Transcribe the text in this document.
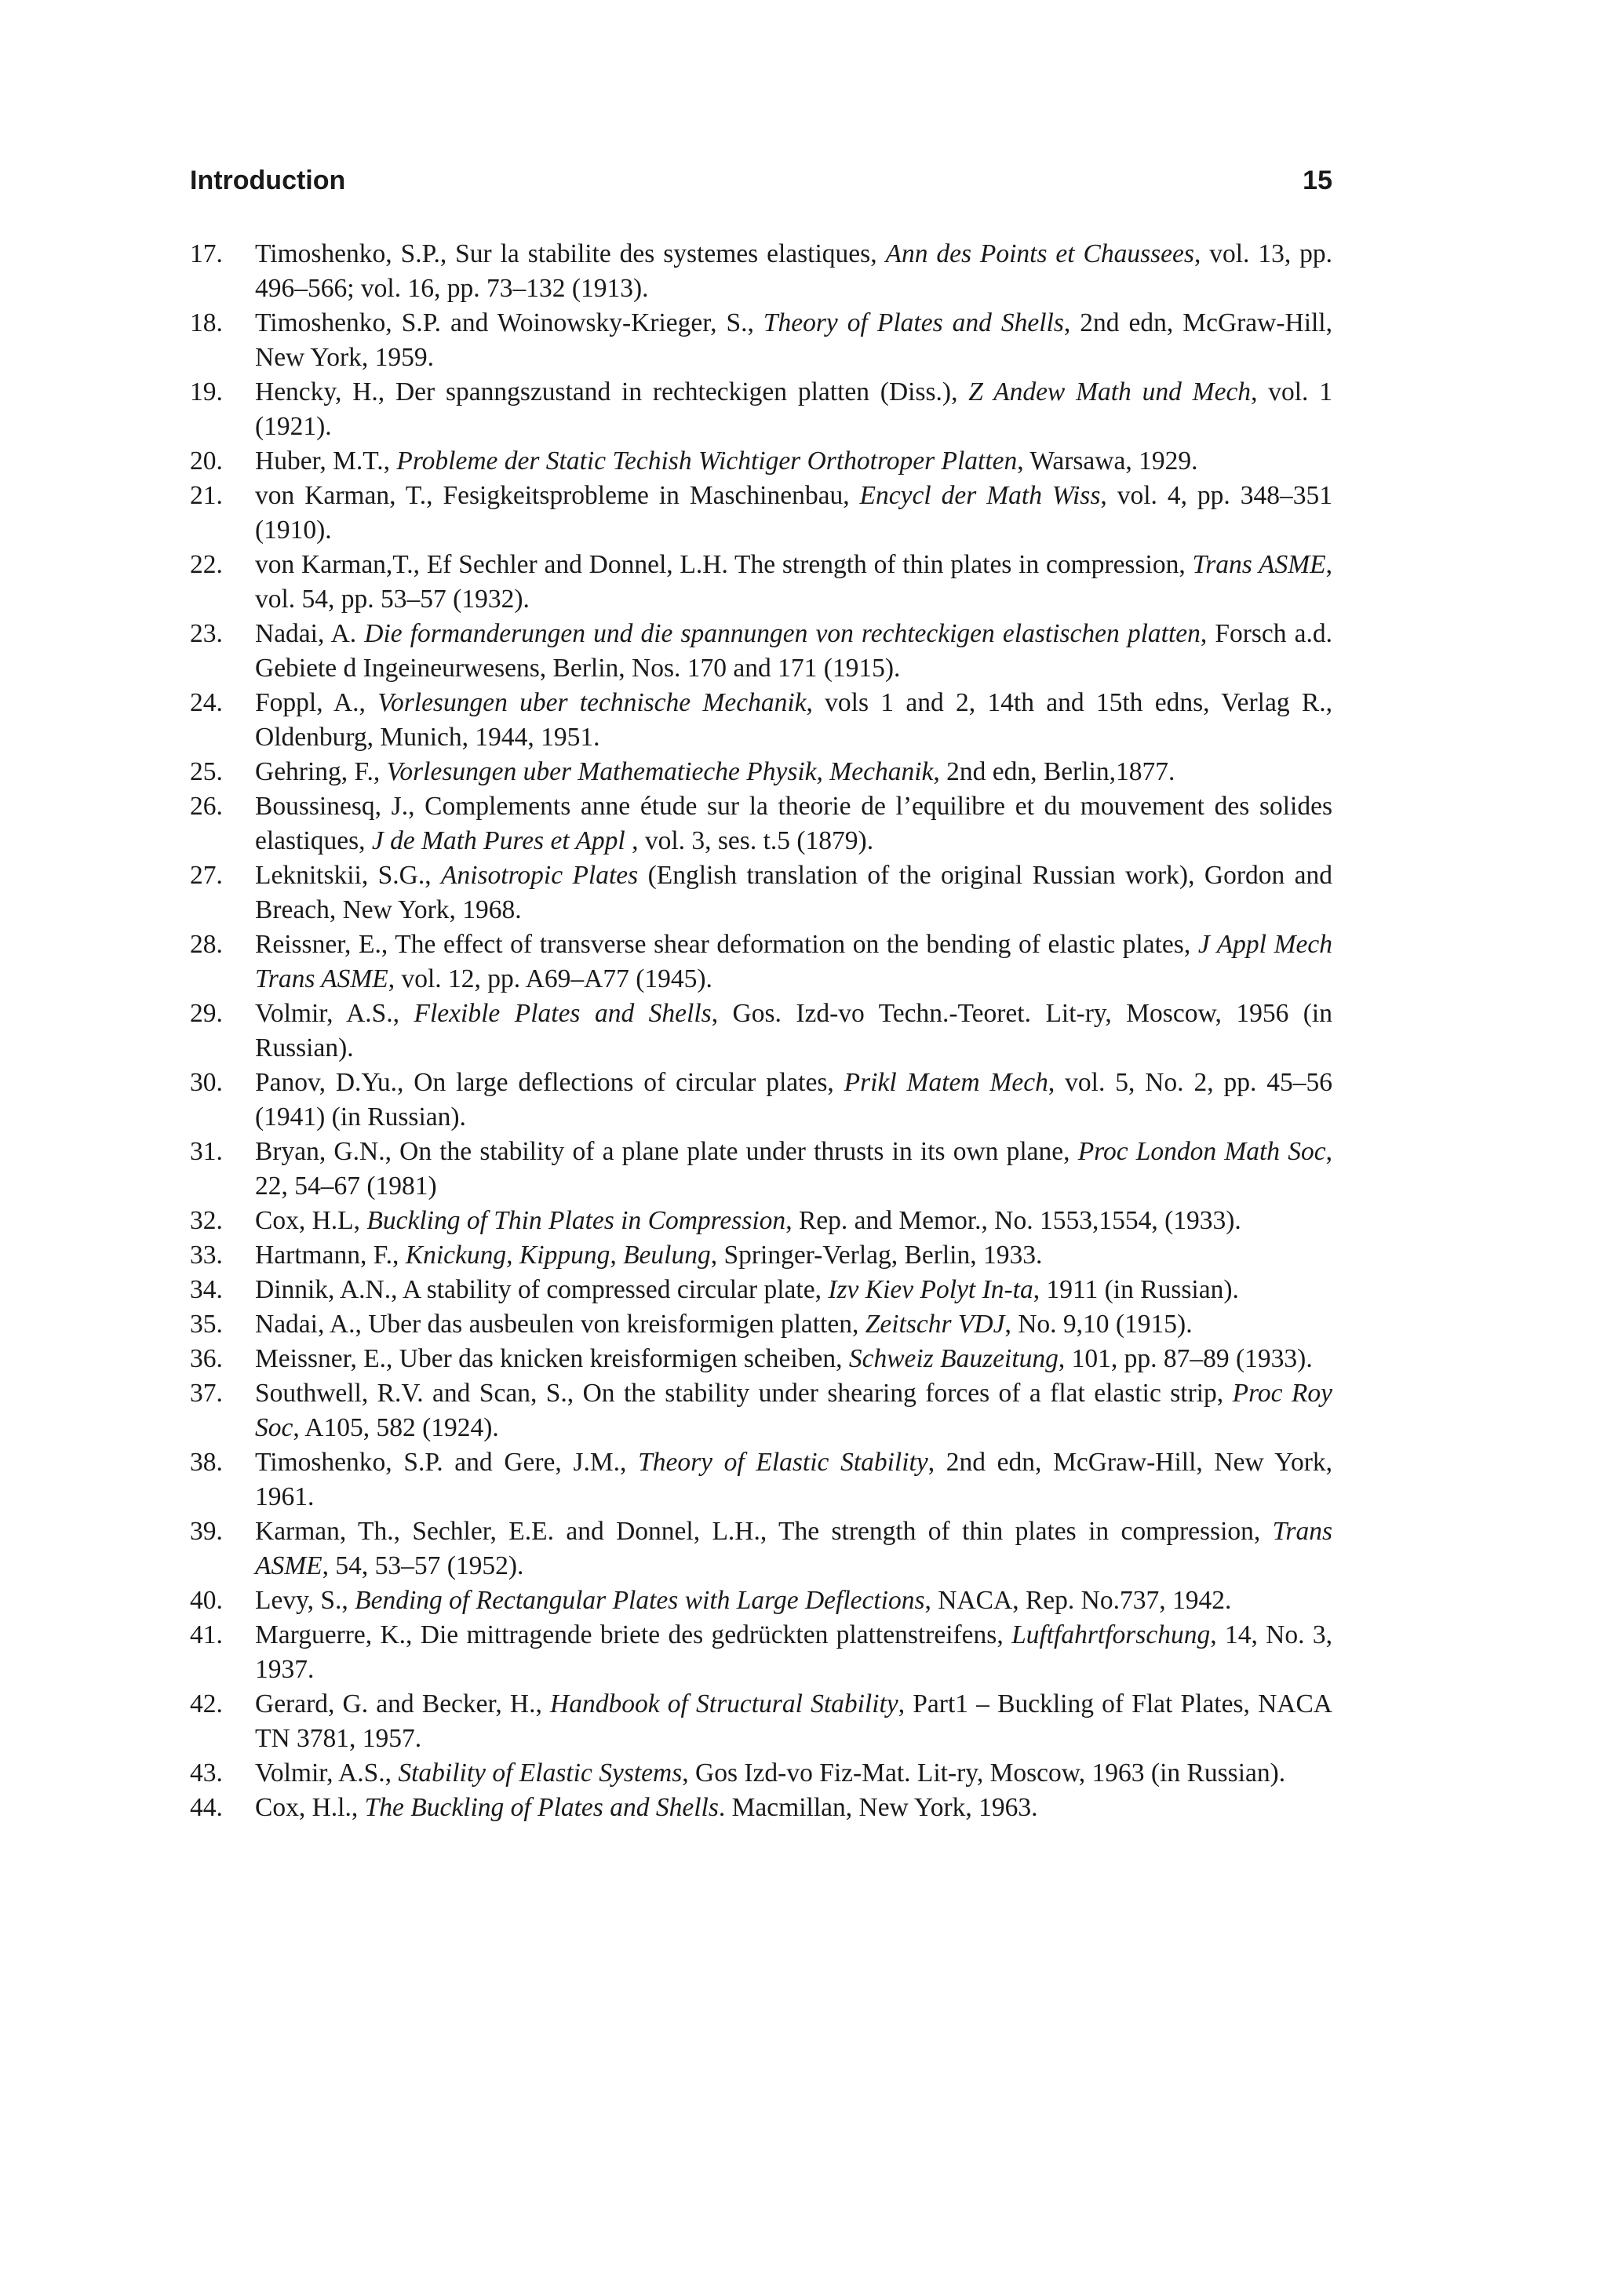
Introduction	15
17.	Timoshenko, S.P., Sur la stabilite des systemes elastiques, Ann des Points et Chaussees, vol. 13, pp. 496–566; vol. 16, pp. 73–132 (1913).
18.	Timoshenko, S.P. and Woinowsky-Krieger, S., Theory of Plates and Shells, 2nd edn, McGraw-Hill, New York, 1959.
19.	Hencky, H., Der spanngszustand in rechteckigen platten (Diss.), Z Andew Math und Mech, vol. 1 (1921).
20.	Huber, M.T., Probleme der Static Techish Wichtiger Orthotroper Platten, Warsawa, 1929.
21.	von Karman, T., Fesigkeitsprobleme in Maschinenbau, Encycl der Math Wiss, vol. 4, pp. 348–351 (1910).
22.	von Karman,T., Ef Sechler and Donnel, L.H. The strength of thin plates in compression, Trans ASME, vol. 54, pp. 53–57 (1932).
23.	Nadai, A. Die formanderungen und die spannungen von rechteckigen elastischen platten, Forsch a.d. Gebiete d Ingeineurwesens, Berlin, Nos. 170 and 171 (1915).
24.	Foppl, A., Vorlesungen uber technische Mechanik, vols 1 and 2, 14th and 15th edns, Verlag R., Oldenburg, Munich, 1944, 1951.
25.	Gehring, F., Vorlesungen uber Mathematieche Physik, Mechanik, 2nd edn, Berlin,1877.
26.	Boussinesq, J., Complements anne étude sur la theorie de l’equilibre et du mouvement des solides elastiques, J de Math Pures et Appl , vol. 3, ses. t.5 (1879).
27.	Leknitskii, S.G., Anisotropic Plates (English translation of the original Russian work), Gordon and Breach, New York, 1968.
28.	Reissner, E., The effect of transverse shear deformation on the bending of elastic plates, J Appl Mech Trans ASME, vol. 12, pp. A69–A77 (1945).
29.	Volmir, A.S., Flexible Plates and Shells, Gos. Izd-vo Techn.-Teoret. Lit-ry, Moscow, 1956 (in Russian).
30.	Panov, D.Yu., On large deflections of circular plates, Prikl Matem Mech, vol. 5, No. 2, pp. 45–56 (1941) (in Russian).
31.	Bryan, G.N., On the stability of a plane plate under thrusts in its own plane, Proc London Math Soc, 22, 54–67 (1981)
32.	Cox, H.L, Buckling of Thin Plates in Compression, Rep. and Memor., No. 1553,1554, (1933).
33.	Hartmann, F., Knickung, Kippung, Beulung, Springer-Verlag, Berlin, 1933.
34.	Dinnik, A.N., A stability of compressed circular plate, Izv Kiev Polyt In-ta, 1911 (in Russian).
35.	Nadai, A., Uber das ausbeulen von kreisformigen platten, Zeitschr VDJ, No. 9,10 (1915).
36.	Meissner, E., Uber das knicken kreisformigen scheiben, Schweiz Bauzeitung, 101, pp. 87–89 (1933).
37.	Southwell, R.V. and Scan, S., On the stability under shearing forces of a flat elastic strip, Proc Roy Soc, A105, 582 (1924).
38.	Timoshenko, S.P. and Gere, J.M., Theory of Elastic Stability, 2nd edn, McGraw-Hill, New York, 1961.
39.	Karman, Th., Sechler, E.E. and Donnel, L.H., The strength of thin plates in compression, Trans ASME, 54, 53–57 (1952).
40.	Levy, S., Bending of Rectangular Plates with Large Deflections, NACA, Rep. No.737, 1942.
41.	Marguerre, K., Die mittragende briete des gedrückten plattenstreifens, Luftfahrtforschung, 14, No. 3, 1937.
42.	Gerard, G. and Becker, H., Handbook of Structural Stability, Part1 – Buckling of Flat Plates, NACA TN 3781, 1957.
43.	Volmir, A.S., Stability of Elastic Systems, Gos Izd-vo Fiz-Mat. Lit-ry, Moscow, 1963 (in Russian).
44.	Cox, H.l., The Buckling of Plates and Shells. Macmillan, New York, 1963.
